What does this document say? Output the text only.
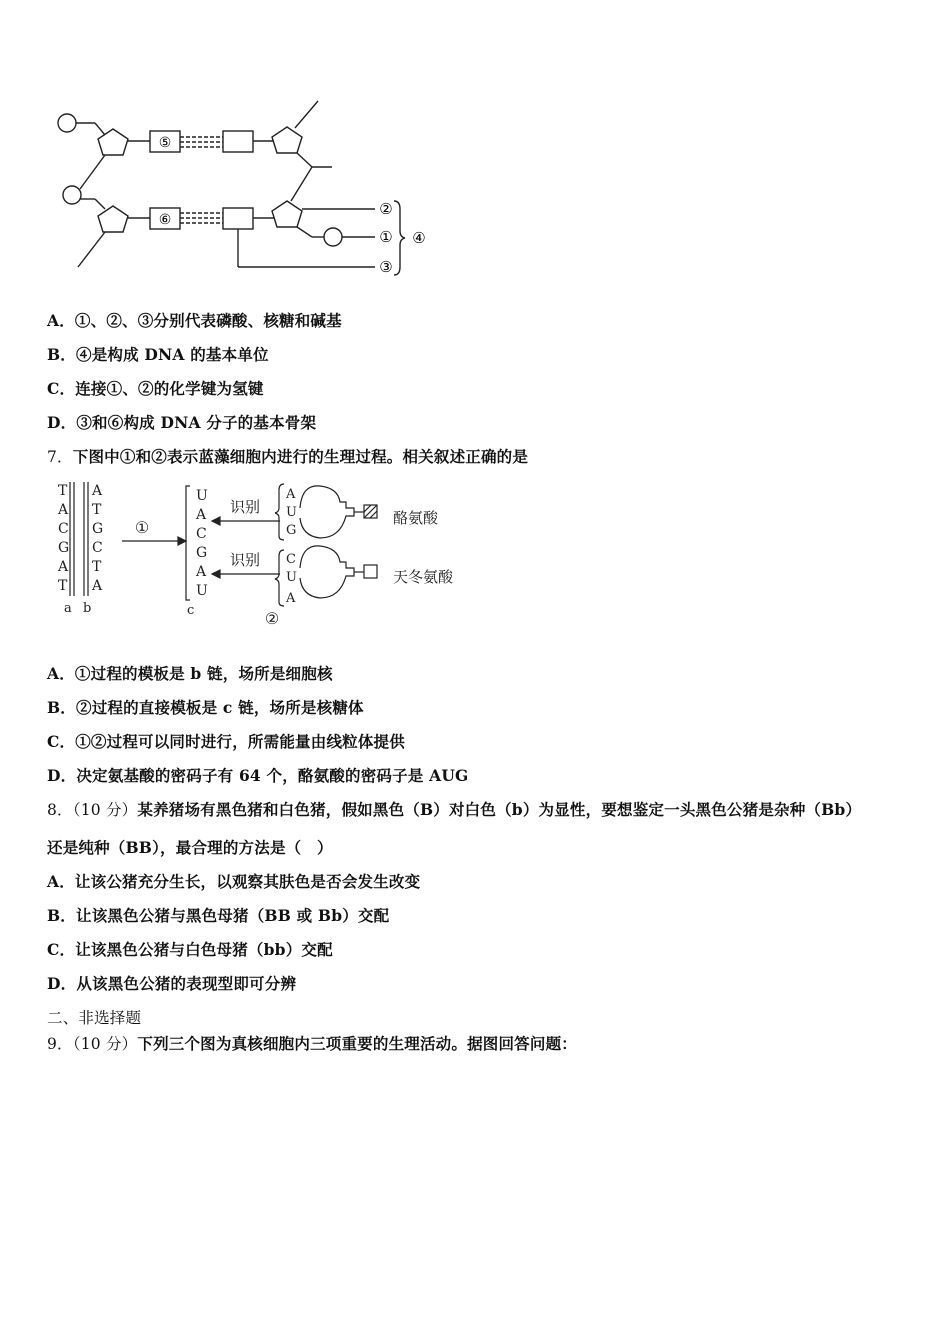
⑤
⑥
②
①
③
④
A．①、②、③分别代表磷酸、核糖和碱基
B．④是构成 DNA 的基本单位
C．连接①、②的化学键为氢键
D．③和⑥构成 DNA 分子的基本骨架
7．下图中①和②表示蓝藻细胞内进行的生理过程。相关叙述正确的是
T
A
C
G
A
T
A
T
G
C
T
A
U
A
C
G
A
U
a b	c
①
②
识别
识别
A
U
G
C
U
A
酪氨酸
天冬氨酸
A．①过程的模板是 b 链，场所是细胞核
B．②过程的直接模板是 c 链，场所是核糖体
C．①②过程可以同时进行，所需能量由线粒体提供
D．决定氨基酸的密码子有 64 个，酪氨酸的密码子是 AUG
8．（10 分）某养猪场有黑色猪和白色猪，假如黑色（B）对白色（b）为显性，要想鉴定一头黑色公猪是杂种（Bb）
还是纯种（BB），最合理的方法是（　）
A．让该公猪充分生长，以观察其肤色是否会发生改变
B．让该黑色公猪与黑色母猪（BB 或 Bb）交配
C．让该黑色公猪与白色母猪（bb）交配
D．从该黑色公猪的表现型即可分辨
二、非选择题
9．（10 分）下列三个图为真核细胞内三项重要的生理活动。据图回答问题：
